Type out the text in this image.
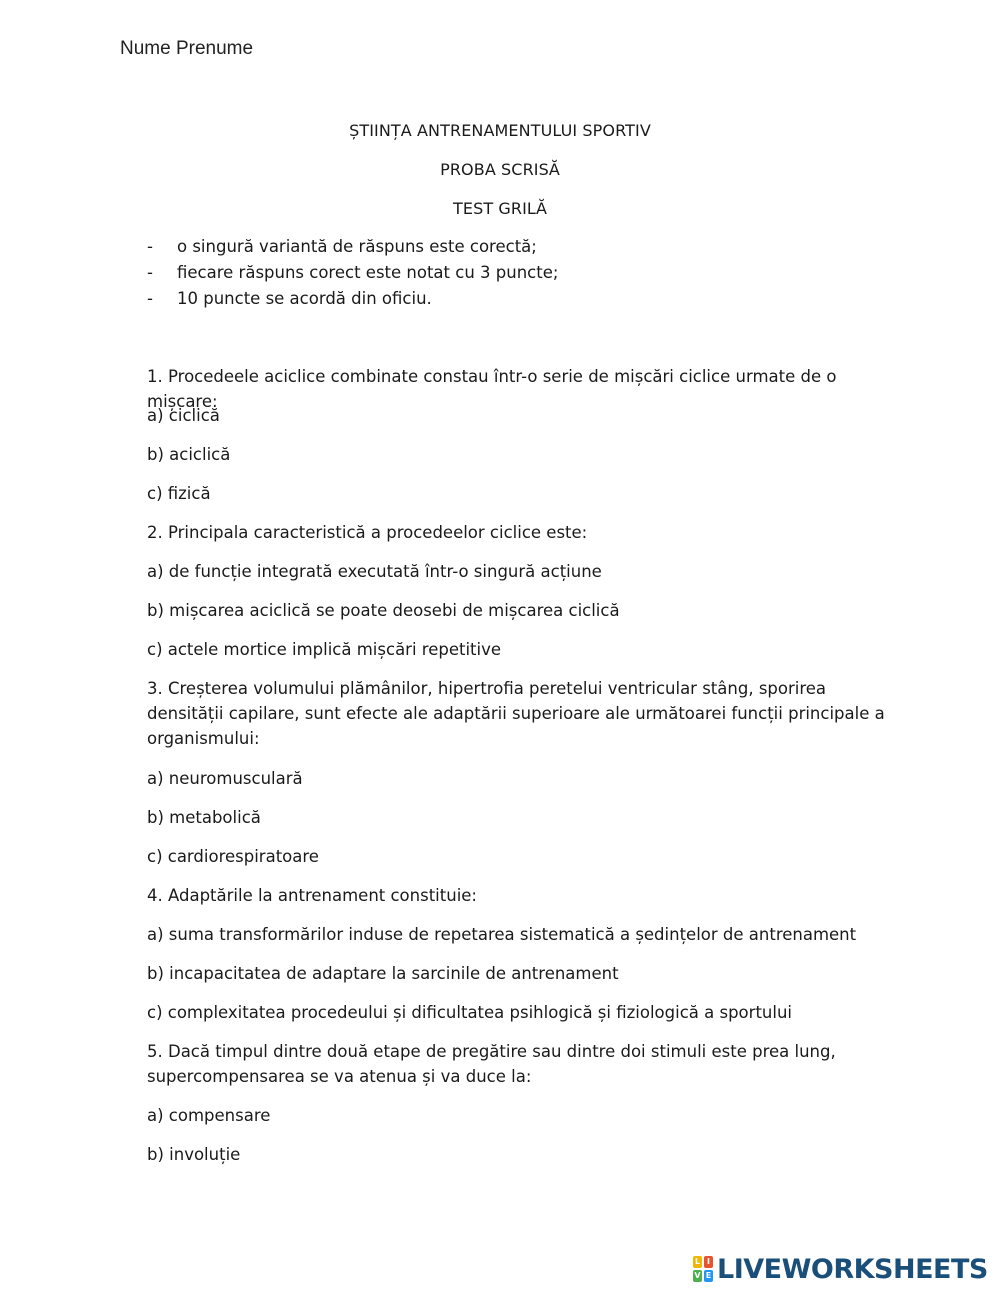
Nume Prenume
ȘTIINȚA ANTRENAMENTULUI SPORTIV
PROBA SCRISĂ
TEST GRILĂ
- o singură variantă de răspuns este corectă;
- fiecare răspuns corect este notat cu 3 puncte;
- 10 puncte se acordă din oficiu.
1. Procedeele aciclice combinate constau într-o serie de mișcări ciclice urmate de o mișcare:
a) ciclică
b) aciclică
c) fizică
2. Principala caracteristică a procedeelor ciclice este:
a) de funcție integrată executată într-o singură acțiune
b) mișcarea aciclică se poate deosebi de mișcarea ciclică
c) actele mortice implică mișcări repetitive
3. Creșterea volumului plămânilor, hipertrofia peretelui ventricular stâng, sporirea densității capilare, sunt efecte ale adaptării superioare ale următoarei funcții principale a organismului:
a) neuromusculară
b) metabolică
c) cardiorespiratoare
4. Adaptările la antrenament constituie:
a) suma transformărilor induse de repetarea sistematică a ședințelor de antrenament
b) incapacitatea de adaptare la sarcinile de antrenament
c) complexitatea procedeului și dificultatea psihlogică și fiziologică a sportului
5. Dacă timpul dintre două etape de pregătire sau dintre doi stimuli este prea lung, supercompensarea se va atenua și va duce la:
a) compensare
b) involuție
L I
V E LIVEWORKSHEETS
